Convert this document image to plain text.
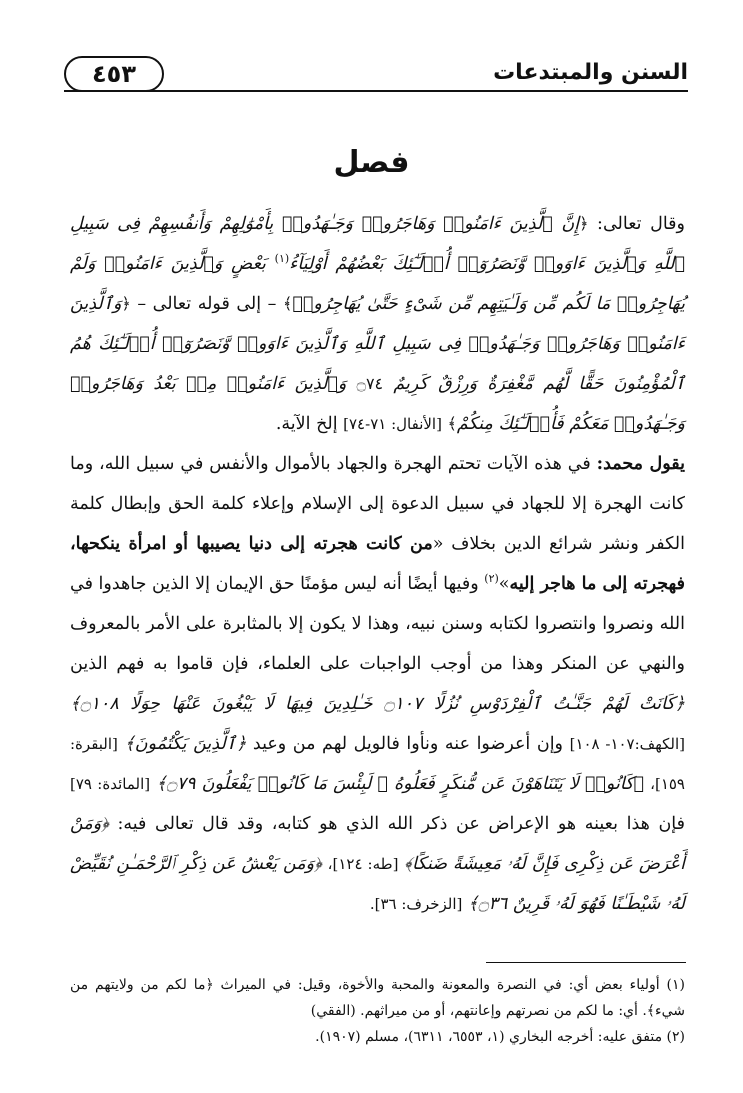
السنن والمبتدعات
٤٥٣
فصل

وقال تعالى: ﴿إِنَّ ٱلَّذِينَ ءَامَنُوا۟ وَهَاجَرُوا۟ وَجَـٰهَدُوا۟ بِأَمْوَٰلِهِمْ وَأَنفُسِهِمْ فِى سَبِيلِ ٱللَّهِ وَٱلَّذِينَ ءَاوَوا۟ وَّنَصَرُوٓا۟ أُو۟لَـٰٓئِكَ بَعْضُهُمْ أَوْلِيَآءُ$^{(١)}$ بَعْضٍ وَٱلَّذِينَ ءَامَنُوا۟ وَلَمْ يُهَاجِرُوا۟ مَا لَكُم مِّن وَلَـٰيَتِهِم مِّن شَىْءٍ حَتَّىٰ يُهَاجِرُوا۟﴾ – إلى قوله تعالى – ﴿وَٱلَّذِينَ ءَامَنُوا۟ وَهَاجَرُوا۟ وَجَـٰهَدُوا۟ فِى سَبِيلِ ٱللَّهِ وَٱلَّذِينَ ءَاوَوا۟ وَّنَصَرُوٓا۟ أُو۟لَـٰٓئِكَ هُمُ ٱلْمُؤْمِنُونَ حَقًّا لَّهُم مَّغْفِرَةٌ وَرِزْقٌ كَرِيمٌ ۝٧٤ وَٱلَّذِينَ ءَامَنُوا۟ مِنۢ بَعْدُ وَهَاجَرُوا۟ وَجَـٰهَدُوا۟ مَعَكُمْ فَأُو۟لَـٰٓئِكَ مِنكُمْ﴾ [الأنفال: ٧١-٧٤] إلخ الآية.

يقول محمد: في هذه الآيات تحتم الهجرة والجهاد بالأموال والأنفس في سبيل الله، وما كانت الهجرة إلا للجهاد في سبيل الدعوة إلى الإسلام وإعلاء كلمة الحق وإبطال كلمة الكفر ونشر شرائع الدين بخلاف «من كانت هجرته إلى دنيا يصيبها أو امرأة ينكحها، فهجرته إلى ما هاجر إليه»$^{(٢)}$ وفيها أيضًا أنه ليس مؤمنًا حق الإيمان إلا الذين جاهدوا في الله ونصروا وانتصروا لكتابه وسنن نبيه، وهذا لا يكون إلا بالمثابرة على الأمر بالمعروف والنهي عن المنكر وهذا من أوجب الواجبات على العلماء، فإن قاموا به فهم الذين ﴿كَانَتْ لَهُمْ جَنَّـٰتُ ٱلْفِرْدَوْسِ نُزُلًا ۝١٠٧ خَـٰلِدِينَ فِيهَا لَا يَبْغُونَ عَنْهَا حِوَلًا ۝١٠٨﴾ [الكهف:١٠٧- ١٠٨] وإن أعرضوا عنه ونأوا فالويل لهم من وعيد ﴿ٱلَّذِينَ يَكْتُمُونَ﴾ [البقرة: ١٥٩]، ﴿كَانُوا۟ لَا يَتَنَاهَوْنَ عَن مُّنكَرٍ فَعَلُوهُ ۚ لَبِئْسَ مَا كَانُوا۟ يَفْعَلُونَ ۝٧٩﴾ [المائدة: ٧٩] فإن هذا بعينه هو الإعراض عن ذكر الله الذي هو كتابه، وقد قال تعالى فيه: ﴿وَمَنْ أَعْرَضَ عَن ذِكْرِى فَإِنَّ لَهُۥ مَعِيشَةً ضَنكًا﴾ [طه: ١٢٤]، ﴿وَمَن يَعْشُ عَن ذِكْرِ ٱلرَّحْمَـٰنِ نُقَيِّضْ لَهُۥ شَيْطَـٰنًا فَهُوَ لَهُۥ قَرِينٌ ۝٣٦﴾ [الزخرف: ٣٦].

(١) أولياء بعض أي: في النصرة والمعونة والمحبة والأخوة، وقيل: في الميراث ﴿ما لكم من ولايتهم من شيء﴾. أي: ما لكم من نصرتهم وإعانتهم، أو من ميراثهم. (الفقي)

(٢) متفق عليه: أخرجه البخاري (١، ٦٥٥٣، ٦٣١١)، مسلم (١٩٠٧).
